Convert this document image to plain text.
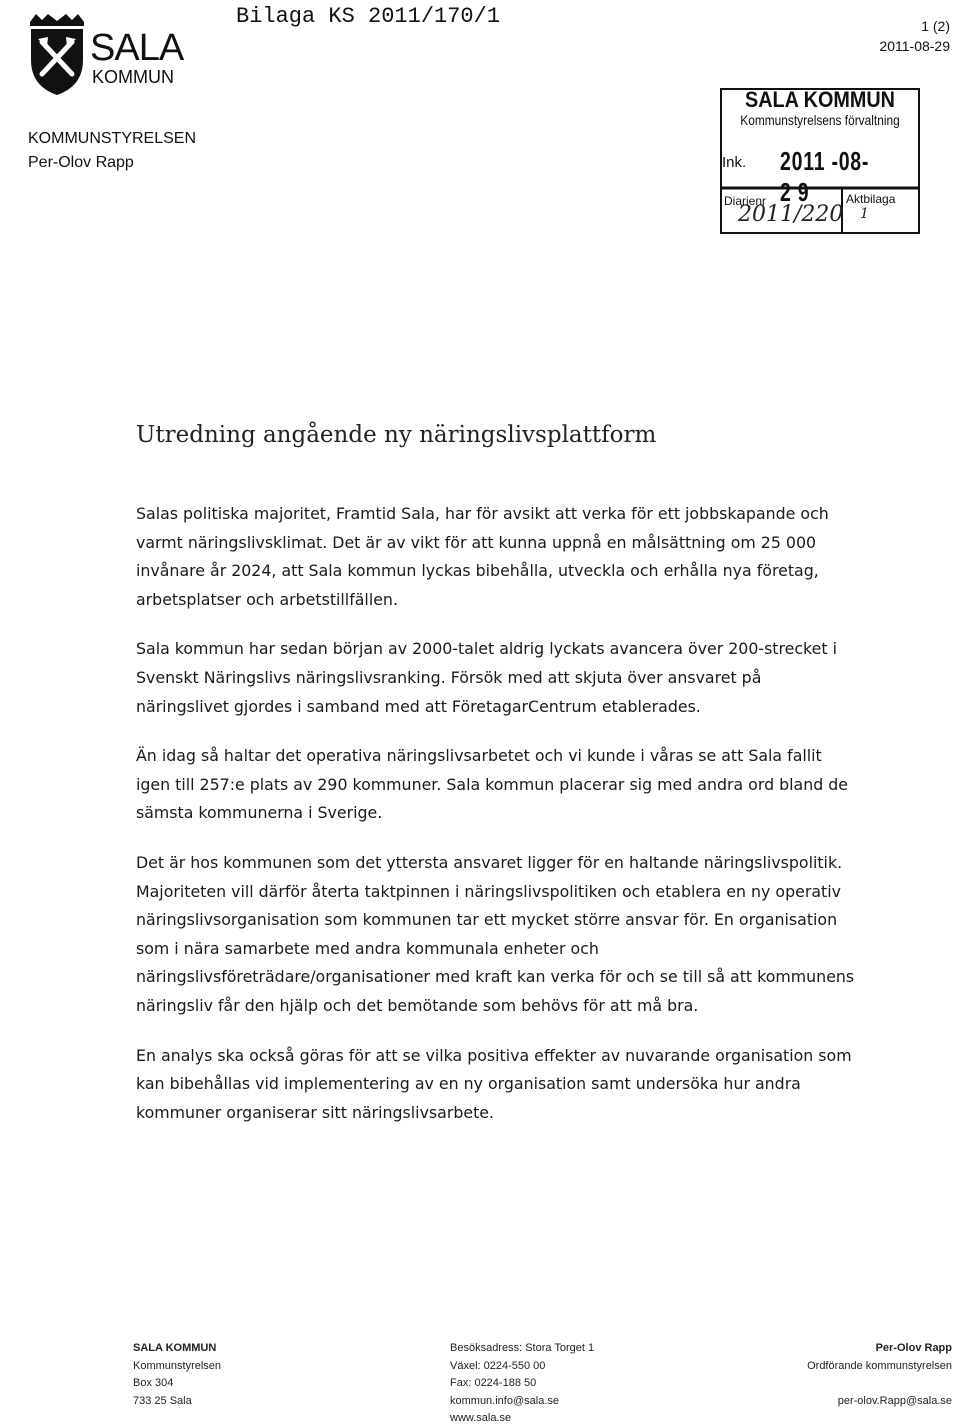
SALA
KOMMUN
Bilaga KS 2011/170/1	1 (2)
2011-08-29
KOMMUNSTYRELSEN
Per-Olov Rapp
SALA KOMMUN
Kommunstyrelsens förvaltning
Ink. 2011 -08- 2 9
Diarienr	Aktbilaga
2011/220 1
Utredning angående ny näringslivsplattform

Salas politiska majoritet, Framtid Sala, har för avsikt att verka för ett jobbskapande och varmt näringslivsklimat. Det är av vikt för att kunna uppnå en målsättning om 25 000 invånare år 2024, att Sala kommun lyckas bibehålla, utveckla och erhålla nya företag, arbetsplatser och arbetstillfällen.

Sala kommun har sedan början av 2000-talet aldrig lyckats avancera över 200-strecket i Svenskt Näringslivs näringslivsranking. Försök med att skjuta över ansvaret på näringslivet gjordes i samband med att FöretagarCentrum etablerades.

Än idag så haltar det operativa näringslivsarbetet och vi kunde i våras se att Sala fallit igen till 257:e plats av 290 kommuner. Sala kommun placerar sig med andra ord bland de sämsta kommunerna i Sverige.

Det är hos kommunen som det yttersta ansvaret ligger för en haltande näringslivspolitik. Majoriteten vill därför återta taktpinnen i näringslivspolitiken och etablera en ny operativ näringslivsorganisation som kommunen tar ett mycket större ansvar för. En organisation som i nära samarbete med andra kommunala enheter och näringslivsföreträdare/organisationer med kraft kan verka för och se till så att kommunens näringsliv får den hjälp och det bemötande som behövs för att må bra.

En analys ska också göras för att se vilka positiva effekter av nuvarande organisation som kan bibehållas vid implementering av en ny organisation samt undersöka hur andra kommuner organiserar sitt näringslivsarbete.

SALA KOMMUN
Kommunstyrelsen
Box 304
733 25 Sala
Besöksadress: Stora Torget 1
Växel: 0224-550 00
Fax: 0224-188 50
kommun.info@sala.se
www.sala.se
Per-Olov Rapp
Ordförande kommunstyrelsen
per-olov.Rapp@sala.se
